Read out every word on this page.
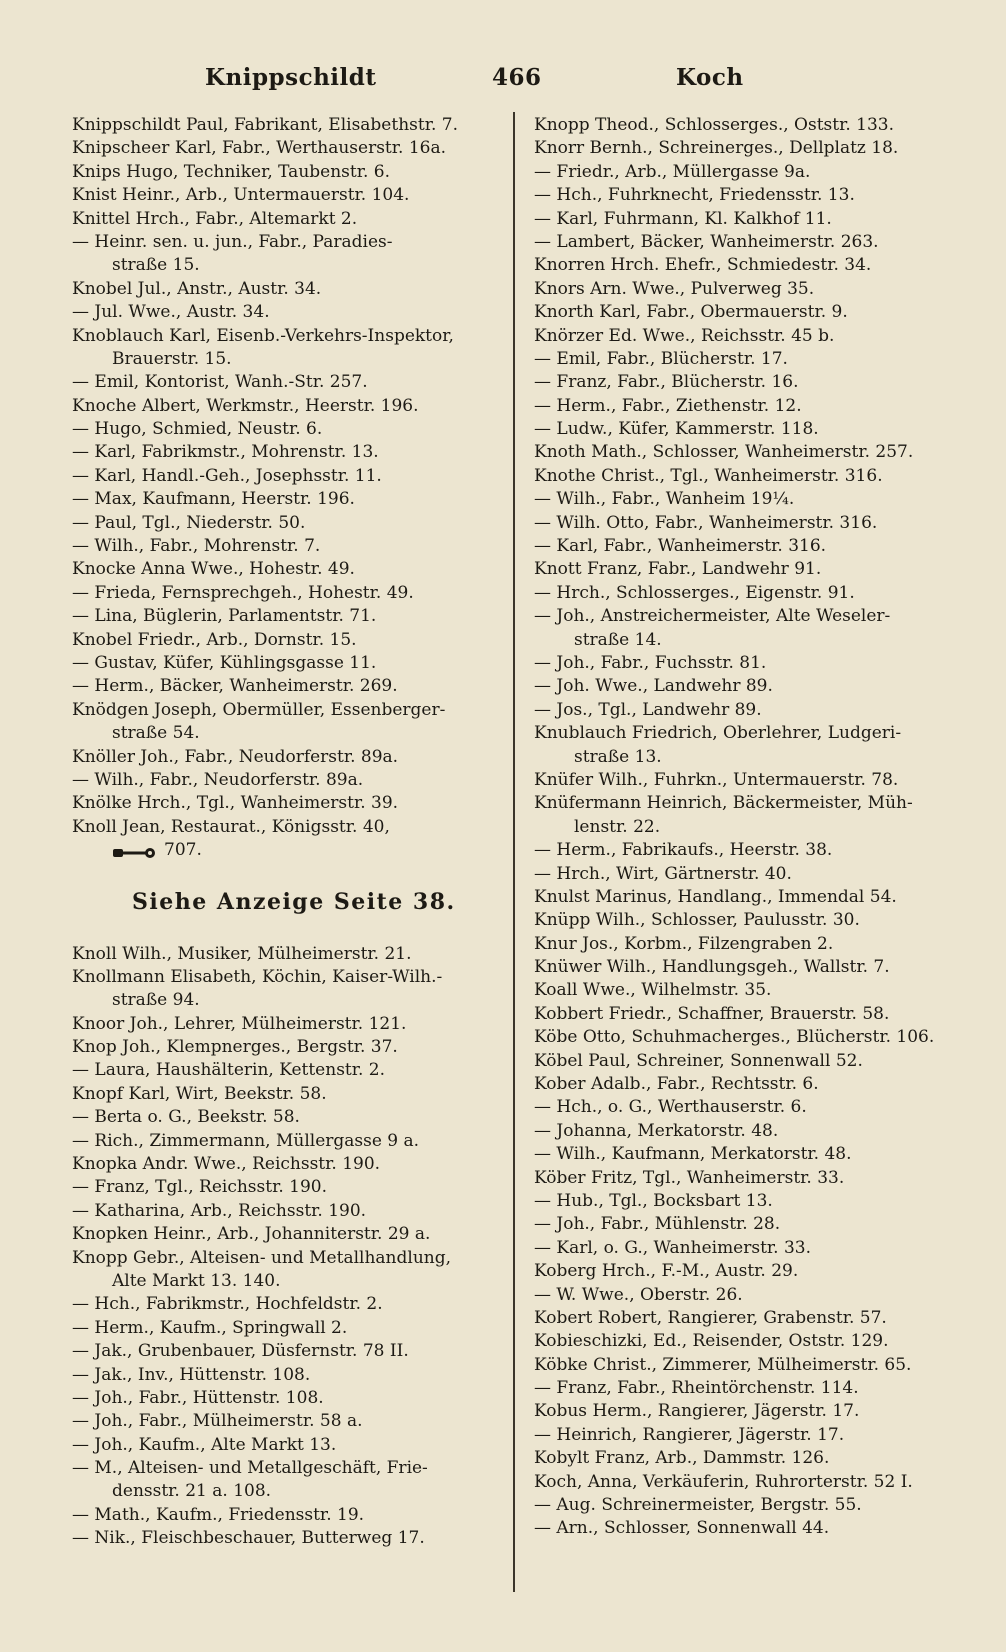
Knippschildt	466	Koch
Knippschildt Paul, Fabrikant, Elisabethstr. 7.
Knipscheer Karl, Fabr., Werthauserstr. 16a.
Knips Hugo, Techniker, Taubenstr. 6.
Knist Heinr., Arb., Untermauerstr. 104.
Knittel Hrch., Fabr., Altemarkt 2.
— Heinr. sen. u. jun., Fabr., Paradies-
straße 15.
Knobel Jul., Anstr., Austr. 34.
— Jul. Wwe., Austr. 34.
Knoblauch Karl, Eisenb.-Verkehrs-Inspektor,
Brauerstr. 15.
— Emil, Kontorist, Wanh.-Str. 257.
Knoche Albert, Werkmstr., Heerstr. 196.
— Hugo, Schmied, Neustr. 6.
— Karl, Fabrikmstr., Mohrenstr. 13.
— Karl, Handl.-Geh., Josephsstr. 11.
— Max, Kaufmann, Heerstr. 196.
— Paul, Tgl., Niederstr. 50.
— Wilh., Fabr., Mohrenstr. 7.
Knocke Anna Wwe., Hohestr. 49.
— Frieda, Fernsprechgeh., Hohestr. 49.
— Lina, Büglerin, Parlamentstr. 71.
Knobel Friedr., Arb., Dornstr. 15.
— Gustav, Küfer, Kühlingsgasse 11.
— Herm., Bäcker, Wanheimerstr. 269.
Knödgen Joseph, Obermüller, Essenberger-
straße 54.
Knöller Joh., Fabr., Neudorferstr. 89a.
— Wilh., Fabr., Neudorferstr. 89a.
Knölke Hrch., Tgl., Wanheimerstr. 39.
Knoll Jean, Restaurat., Königsstr. 40,
707.
Siehe Anzeige Seite 38.
Knoll Wilh., Musiker, Mülheimerstr. 21.
Knollmann Elisabeth, Köchin, Kaiser-Wilh.-
straße 94.
Knoor Joh., Lehrer, Mülheimerstr. 121.
Knop Joh., Klempnerges., Bergstr. 37.
— Laura, Haushälterin, Kettenstr. 2.
Knopf Karl, Wirt, Beekstr. 58.
— Berta o. G., Beekstr. 58.
— Rich., Zimmermann, Müllergasse 9 a.
Knopka Andr. Wwe., Reichsstr. 190.
— Franz, Tgl., Reichsstr. 190.
— Katharina, Arb., Reichsstr. 190.
Knopken Heinr., Arb., Johanniterstr. 29 a.
Knopp Gebr., Alteisen- und Metallhandlung,
Alte Markt 13. 140.
— Hch., Fabrikmstr., Hochfeldstr. 2.
— Herm., Kaufm., Springwall 2.
— Jak., Grubenbauer, Düsfernstr. 78 II.
— Jak., Inv., Hüttenstr. 108.
— Joh., Fabr., Hüttenstr. 108.
— Joh., Fabr., Mülheimerstr. 58 a.
— Joh., Kaufm., Alte Markt 13.
— M., Alteisen- und Metallgeschäft, Frie-
densstr. 21 a. 108.
— Math., Kaufm., Friedensstr. 19.
— Nik., Fleischbeschauer, Butterweg 17.
Knopp Theod., Schlosserges., Oststr. 133.
Knorr Bernh., Schreinerges., Dellplatz 18.
— Friedr., Arb., Müllergasse 9a.
— Hch., Fuhrknecht, Friedensstr. 13.
— Karl, Fuhrmann, Kl. Kalkhof 11.
— Lambert, Bäcker, Wanheimerstr. 263.
Knorren Hrch. Ehefr., Schmiedestr. 34.
Knors Arn. Wwe., Pulverweg 35.
Knorth Karl, Fabr., Obermauerstr. 9.
Knörzer Ed. Wwe., Reichsstr. 45 b.
— Emil, Fabr., Blücherstr. 17.
— Franz, Fabr., Blücherstr. 16.
— Herm., Fabr., Ziethenstr. 12.
— Ludw., Küfer, Kammerstr. 118.
Knoth Math., Schlosser, Wanheimerstr. 257.
Knothe Christ., Tgl., Wanheimerstr. 316.
— Wilh., Fabr., Wanheim 19¼.
— Wilh. Otto, Fabr., Wanheimerstr. 316.
— Karl, Fabr., Wanheimerstr. 316.
Knott Franz, Fabr., Landwehr 91.
— Hrch., Schlosserges., Eigenstr. 91.
— Joh., Anstreichermeister, Alte Weseler-
straße 14.
— Joh., Fabr., Fuchsstr. 81.
— Joh. Wwe., Landwehr 89.
— Jos., Tgl., Landwehr 89.
Knublauch Friedrich, Oberlehrer, Ludgeri-
straße 13.
Knüfer Wilh., Fuhrkn., Untermauerstr. 78.
Knüfermann Heinrich, Bäckermeister, Müh-
lenstr. 22.
— Herm., Fabrikaufs., Heerstr. 38.
— Hrch., Wirt, Gärtnerstr. 40.
Knulst Marinus, Handlang., Immendal 54.
Knüpp Wilh., Schlosser, Paulusstr. 30.
Knur Jos., Korbm., Filzengraben 2.
Knüwer Wilh., Handlungsgeh., Wallstr. 7.
Koall Wwe., Wilhelmstr. 35.
Kobbert Friedr., Schaffner, Brauerstr. 58.
Köbe Otto, Schuhmacherges., Blücherstr. 106.
Köbel Paul, Schreiner, Sonnenwall 52.
Kober Adalb., Fabr., Rechtsstr. 6.
— Hch., o. G., Werthauserstr. 6.
— Johanna, Merkatorstr. 48.
— Wilh., Kaufmann, Merkatorstr. 48.
Köber Fritz, Tgl., Wanheimerstr. 33.
— Hub., Tgl., Bocksbart 13.
— Joh., Fabr., Mühlenstr. 28.
— Karl, o. G., Wanheimerstr. 33.
Koberg Hrch., F.-M., Austr. 29.
— W. Wwe., Oberstr. 26.
Kobert Robert, Rangierer, Grabenstr. 57.
Kobieschizki, Ed., Reisender, Oststr. 129.
Köbke Christ., Zimmerer, Mülheimerstr. 65.
— Franz, Fabr., Rheintörchenstr. 114.
Kobus Herm., Rangierer, Jägerstr. 17.
— Heinrich, Rangierer, Jägerstr. 17.
Kobylt Franz, Arb., Dammstr. 126.
Koch, Anna, Verkäuferin, Ruhrorterstr. 52 I.
— Aug. Schreinermeister, Bergstr. 55.
— Arn., Schlosser, Sonnenwall 44.
